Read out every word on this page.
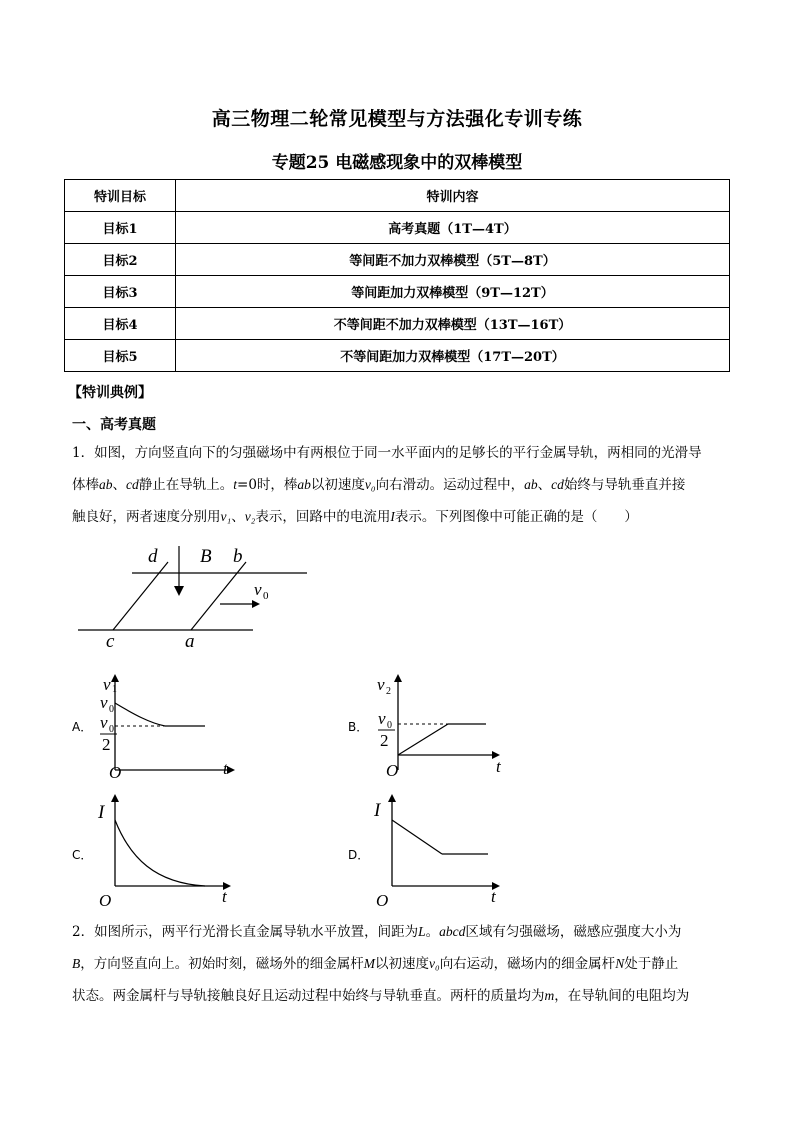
高三物理二轮常见模型与方法强化专训专练
专题25 电磁感现象中的双棒模型
特训目标	特训内容
目标1	高考真题（1T—4T）
目标2	等间距不加力双棒模型（5T—8T）
目标3	等间距加力双棒模型（9T—12T）
目标4	不等间距不加力双棒模型（13T—16T）
目标5	不等间距加力双棒模型（17T—20T）
【特训典例】
一、高考真题
1．如图，方向竖直向下的匀强磁场中有两根位于同一水平面内的足够长的平行金属导轨，两相同的光滑导
体棒ab、cd静止在导轨上。t=0时，棒ab以初速度v₀向右滑动。运动过程中，ab、cd始终与导轨垂直并接
触良好，两者速度分别用v₁、v₂表示，回路中的电流用I表示。下列图像中可能正确的是（　　）
d B b
v 0
c	a
A．
v 1
v 0
v 0
2
O	t
B．
v 2
v 0
2
O	t
C．
I
O	t
D．
I
O	t
2．如图所示，两平行光滑长直金属导轨水平放置，间距为L。abcd区域有匀强磁场，磁感应强度大小为
B，方向竖直向上。初始时刻，磁场外的细金属杆M以初速度v₀向右运动，磁场内的细金属杆N处于静止
状态。两金属杆与导轨接触良好且运动过程中始终与导轨垂直。两杆的质量均为m，在导轨间的电阻均为
